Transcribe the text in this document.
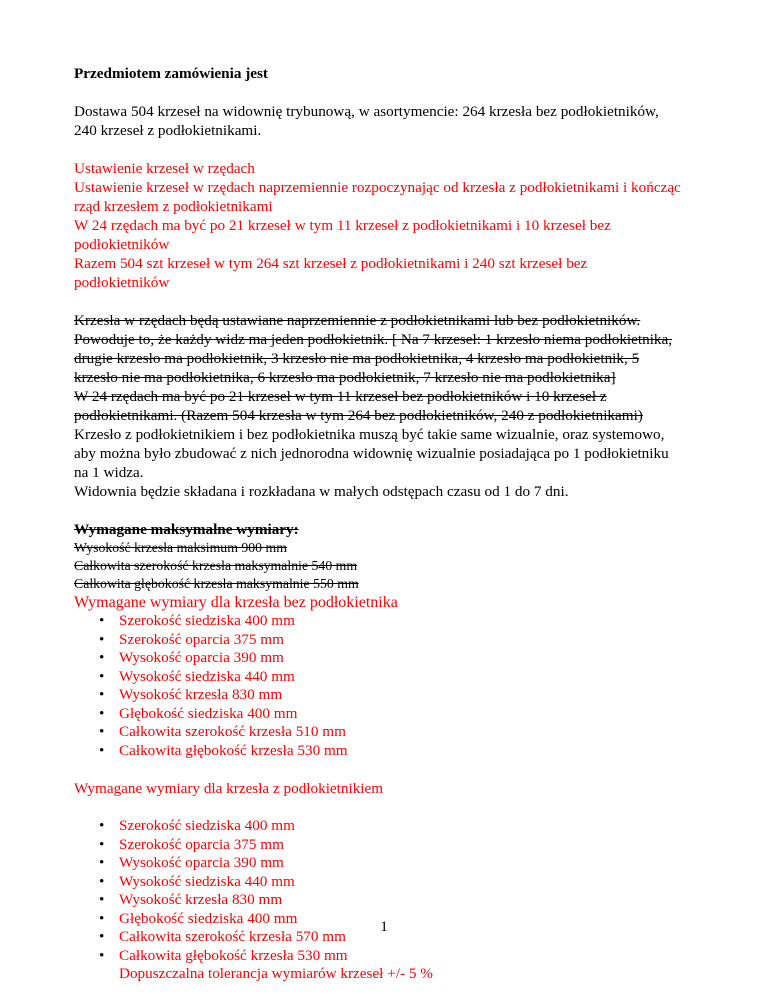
Przedmiotem zamówienia jest

Dostawa 504 krzeseł na widownię trybunową, w asortymencie: 264 krzesła bez podłokietników,

240 krzeseł z podłokietnikami.

Ustawienie krzeseł w rzędach

Ustawienie krzeseł w rzędach naprzemiennie rozpoczynając od krzesła z podłokietnikami i kończąc

rząd krzesłem z podłokietnikami

W 24 rzędach ma być po 21 krzeseł w tym 11 krzeseł z podłokietnikami i 10 krzeseł bez

podłokietników

Razem 504 szt krzeseł w tym 264 szt krzeseł z podłokietnikami i 240 szt krzeseł bez

podłokietników

Krzesła w rzędach będą ustawiane naprzemiennie z podłokietnikami lub bez podłokietników.

Powoduje to, że każdy widz ma jeden podłokietnik. [ Na 7 krzeseł: 1 krzesło niema podłokietnika,

drugie krzesło ma podłokietnik, 3 krzesło nie ma podłokietnika, 4 krzesło ma podłokietnik, 5

krzesło nie ma podłokietnika, 6 krzesło ma podłokietnik, 7 krzesło nie ma podłokietnika]

W 24 rzędach ma być po 21 krzeseł w tym 11 krzeseł bez podłokietników i 10 krzeseł z

podłokietnikami. (Razem 504 krzesła w tym 264 bez podłokietników, 240 z podłokietnikami)

Krzesło z podłokietnikiem i bez podłokietnika muszą być takie same wizualnie, oraz systemowo,

aby można było zbudować z nich jednorodna widownię wizualnie posiadająca po 1 podłokietniku

na 1 widza.

Widownia będzie składana i rozkładana w małych odstępach czasu od 1 do 7 dni.

Wymagane maksymalne wymiary:

Wysokość krzesła maksimum 900 mm

Całkowita szerokość krzesła maksymalnie 540 mm

Całkowita głębokość krzesła maksymalnie 550 mm

Wymagane wymiary dla krzesła bez podłokietnika

• Szerokość siedziska 400 mm
• Szerokość oparcia 375 mm
• Wysokość oparcia 390 mm
• Wysokość siedziska 440 mm
• Wysokość krzesła 830 mm
• Głębokość siedziska 400 mm
• Całkowita szerokość krzesła 510 mm
• Całkowita głębokość krzesła 530 mm

Wymagane wymiary dla krzesła z podłokietnikiem

• Szerokość siedziska 400 mm
• Szerokość oparcia 375 mm
• Wysokość oparcia 390 mm
• Wysokość siedziska 440 mm
• Wysokość krzesła 830 mm
• Głębokość siedziska 400 mm
• Całkowita szerokość krzesła 570 mm
• Całkowita głębokość krzesła 530 mm

Dopuszczalna tolerancja wymiarów krzeseł +/- 5 %

1
